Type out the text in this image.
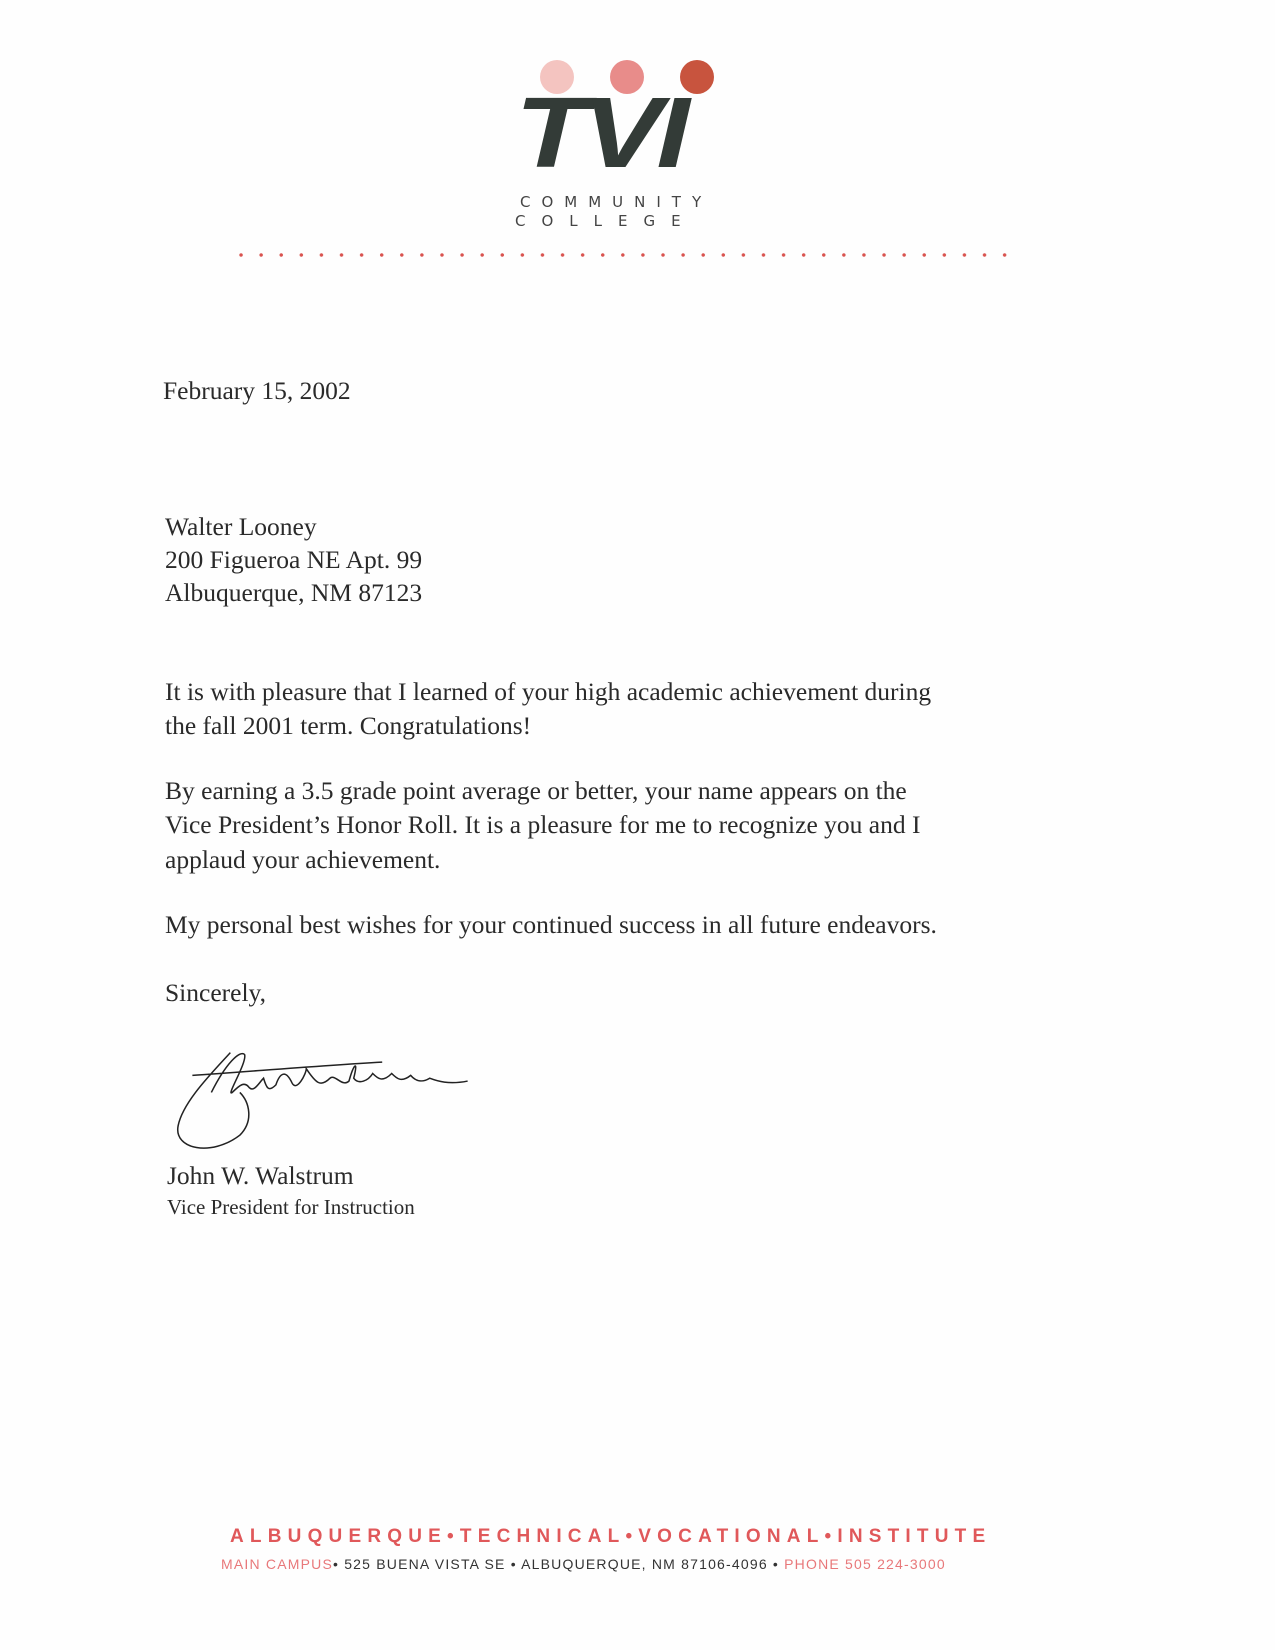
TVI
COMMUNITY
COLLEGE
February 15, 2002
Walter Looney
200 Figueroa NE Apt. 99
Albuquerque, NM 87123
It is with pleasure that I learned of your high academic achievement during
the fall 2001 term. Congratulations!
By earning a 3.5 grade point average or better, your name appears on the
Vice President’s Honor Roll. It is a pleasure for me to recognize you and I
applaud your achievement.
My personal best wishes for your continued success in all future endeavors.
Sincerely,
John W. Walstrum
Vice President for Instruction
ALBUQUERQUE•TECHNICAL•VOCATIONAL•INSTITUTE
MAIN CAMPUS• 525 BUENA VISTA SE • ALBUQUERQUE, NM 87106-4096 • PHONE 505 224-3000
